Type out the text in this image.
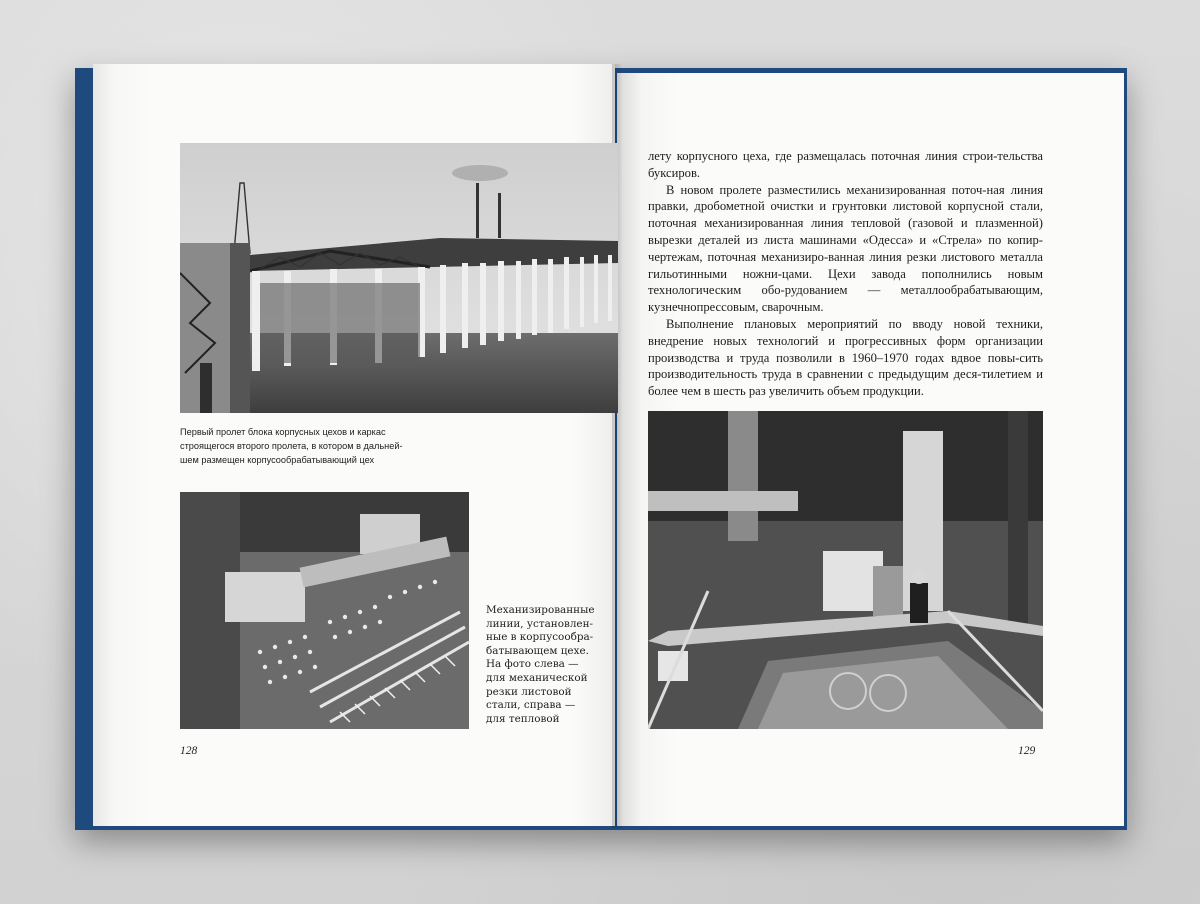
Первый пролет блока корпусных цехов и каркас
строящегося второго пролета, в котором в дальней-
шем размещен корпусообрабатывающий цех
Механизированные
линии, установлен-
ные в корпусообра-
батывающем цехе.
На фото слева —
для механической
резки листовой
стали, справа —
для тепловой
128

лету корпусного цеха, где размещалась поточная линия строи-тельства буксиров.

В новом пролете разместились механизированная поточ-ная линия правки, дробометной очистки и грунтовки листовой корпусной стали, поточная механизированная линия тепловой (газовой и плазменной) вырезки деталей из листа машинами «Одесса» и «Стрела» по копир-чертежам, поточная механизиро-ванная линия резки листового металла гильотинными ножни-цами. Цехи завода пополнились новым технологическим обо-рудованием — металлообрабатывающим, кузнечнопрессовым, сварочным.

Выполнение плановых мероприятий по вводу новой техники, внедрение новых технологий и прогрессивных форм организации производства и труда позволили в 1960–1970 годах вдвое повы-сить производительность труда в сравнении с предыдущим деся-тилетием и более чем в шесть раз увеличить объем продукции.

129
